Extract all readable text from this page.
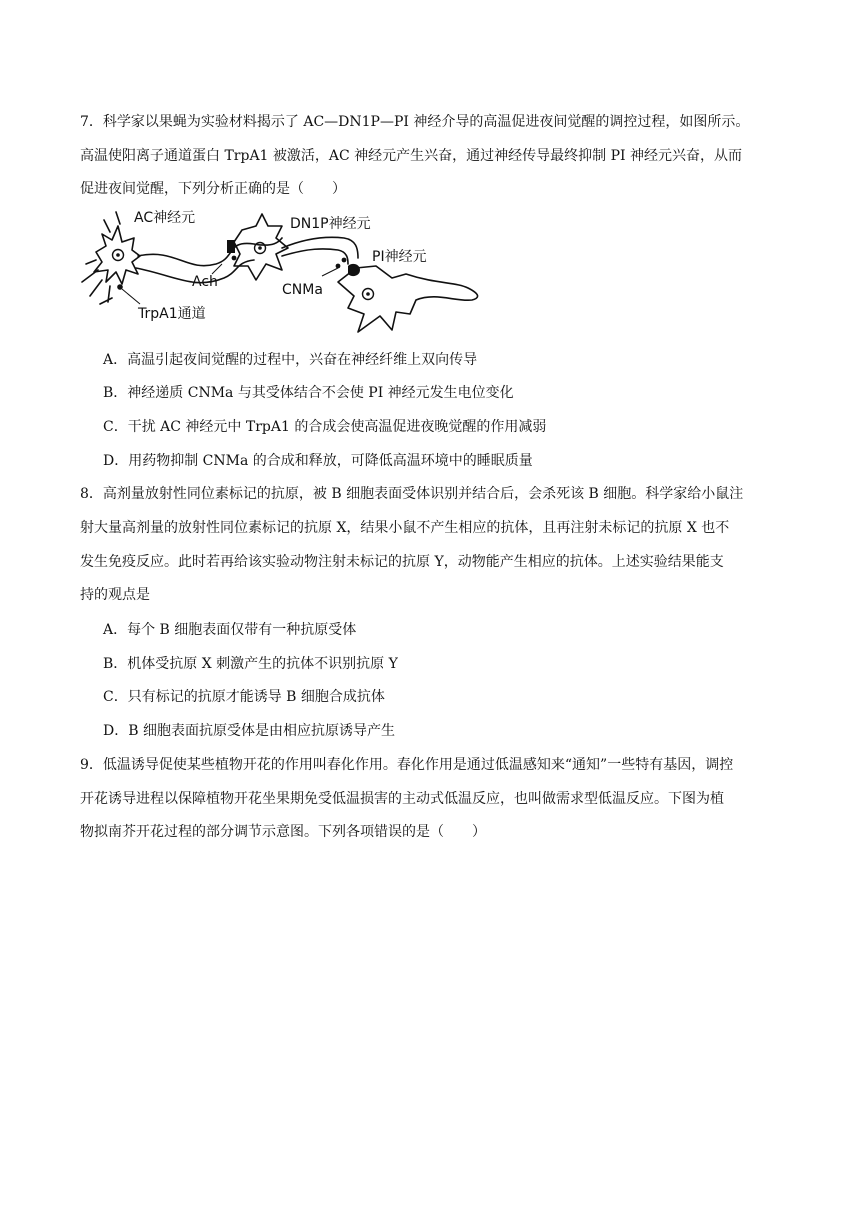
7．科学家以果蝇为实验材料揭示了 AC—DN1P—PI 神经介导的高温促进夜间觉醒的调控过程，如图所示。
高温使阳离子通道蛋白 TrpA1 被激活，AC 神经元产生兴奋，通过神经传导最终抑制 PI 神经元兴奋，从而
促进夜间觉醒，下列分析正确的是（　　）
AC神经元	DN1P神经元
PI神经元
Ach	CNMa
TrpA1通道
A．高温引起夜间觉醒的过程中，兴奋在神经纤维上双向传导
B．神经递质 CNMa 与其受体结合不会使 PI 神经元发生电位变化
C．干扰 AC 神经元中 TrpA1 的合成会使高温促进夜晚觉醒的作用减弱
D．用药物抑制 CNMa 的合成和释放，可降低高温环境中的睡眠质量
8．高剂量放射性同位素标记的抗原，被 B 细胞表面受体识别并结合后，会杀死该 B 细胞。科学家给小鼠注
射大量高剂量的放射性同位素标记的抗原 X，结果小鼠不产生相应的抗体，且再注射未标记的抗原 X 也不
发生免疫反应。此时若再给该实验动物注射未标记的抗原 Y，动物能产生相应的抗体。上述实验结果能支
持的观点是
A．每个 B 细胞表面仅带有一种抗原受体
B．机体受抗原 X 刺激产生的抗体不识别抗原 Y
C．只有标记的抗原才能诱导 B 细胞合成抗体
D．B 细胞表面抗原受体是由相应抗原诱导产生
9．低温诱导促使某些植物开花的作用叫春化作用。春化作用是通过低温感知来“通知”一些特有基因，调控
开花诱导进程以保障植物开花坐果期免受低温损害的主动式低温反应，也叫做需求型低温反应。下图为植
物拟南芥开花过程的部分调节示意图。下列各项错误的是（　　）
